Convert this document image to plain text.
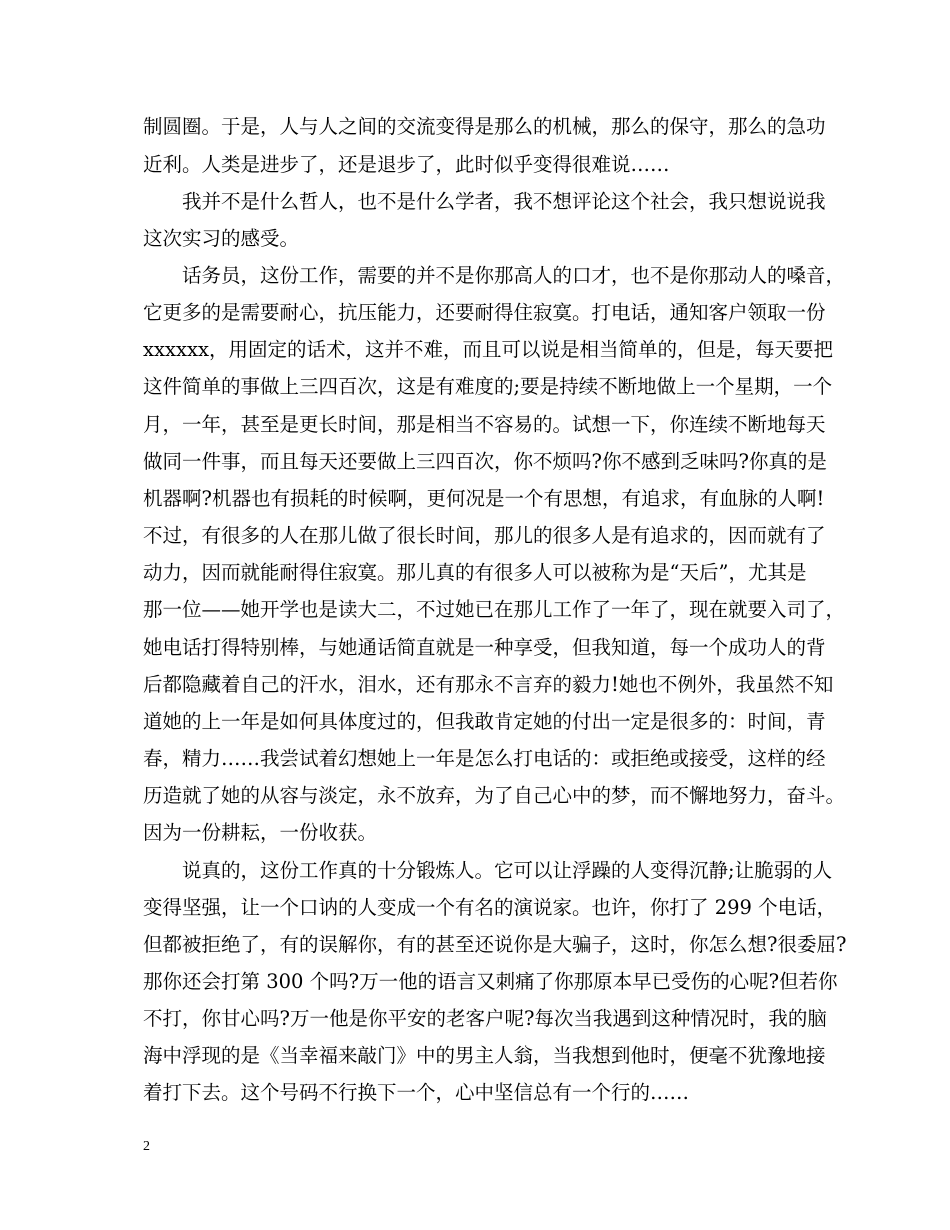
制圆圈。于是，人与人之间的交流变得是那么的机械，那么的保守，那么的急功
近利。人类是进步了，还是退步了，此时似乎变得很难说……
　　我并不是什么哲人，也不是什么学者，我不想评论这个社会，我只想说说我
这次实习的感受。
　　话务员，这份工作，需要的并不是你那高人的口才，也不是你那动人的嗓音，
它更多的是需要耐心，抗压能力，还要耐得住寂寞。打电话，通知客户领取一份
xxxxxx，用固定的话术，这并不难，而且可以说是相当简单的，但是，每天要把
这件简单的事做上三四百次，这是有难度的;要是持续不断地做上一个星期，一个
月，一年，甚至是更长时间，那是相当不容易的。试想一下，你连续不断地每天
做同一件事，而且每天还要做上三四百次，你不烦吗?你不感到乏味吗?你真的是
机器啊?机器也有损耗的时候啊，更何况是一个有思想，有追求，有血脉的人啊!
不过，有很多的人在那儿做了很长时间，那儿的很多人是有追求的，因而就有了
动力，因而就能耐得住寂寞。那儿真的有很多人可以被称为是“天后”，尤其是
那一位——她开学也是读大二，不过她已在那儿工作了一年了，现在就要入司了，
她电话打得特别棒，与她通话简直就是一种享受，但我知道，每一个成功人的背
后都隐藏着自己的汗水，泪水，还有那永不言弃的毅力!她也不例外，我虽然不知
道她的上一年是如何具体度过的，但我敢肯定她的付出一定是很多的：时间，青
春，精力……我尝试着幻想她上一年是怎么打电话的：或拒绝或接受，这样的经
历造就了她的从容与淡定，永不放弃，为了自己心中的梦，而不懈地努力，奋斗。
因为一份耕耘，一份收获。
　　说真的，这份工作真的十分锻炼人。它可以让浮躁的人变得沉静;让脆弱的人
变得坚强，让一个口讷的人变成一个有名的演说家。也许，你打了 299 个电话，
但都被拒绝了，有的误解你，有的甚至还说你是大骗子，这时，你怎么想?很委屈?
那你还会打第 300 个吗?万一他的语言又刺痛了你那原本早已受伤的心呢?但若你
不打，你甘心吗?万一他是你平安的老客户呢?每次当我遇到这种情况时，我的脑
海中浮现的是《当幸福来敲门》中的男主人翁，当我想到他时，便毫不犹豫地接
着打下去。这个号码不行换下一个，心中坚信总有一个行的……
2
